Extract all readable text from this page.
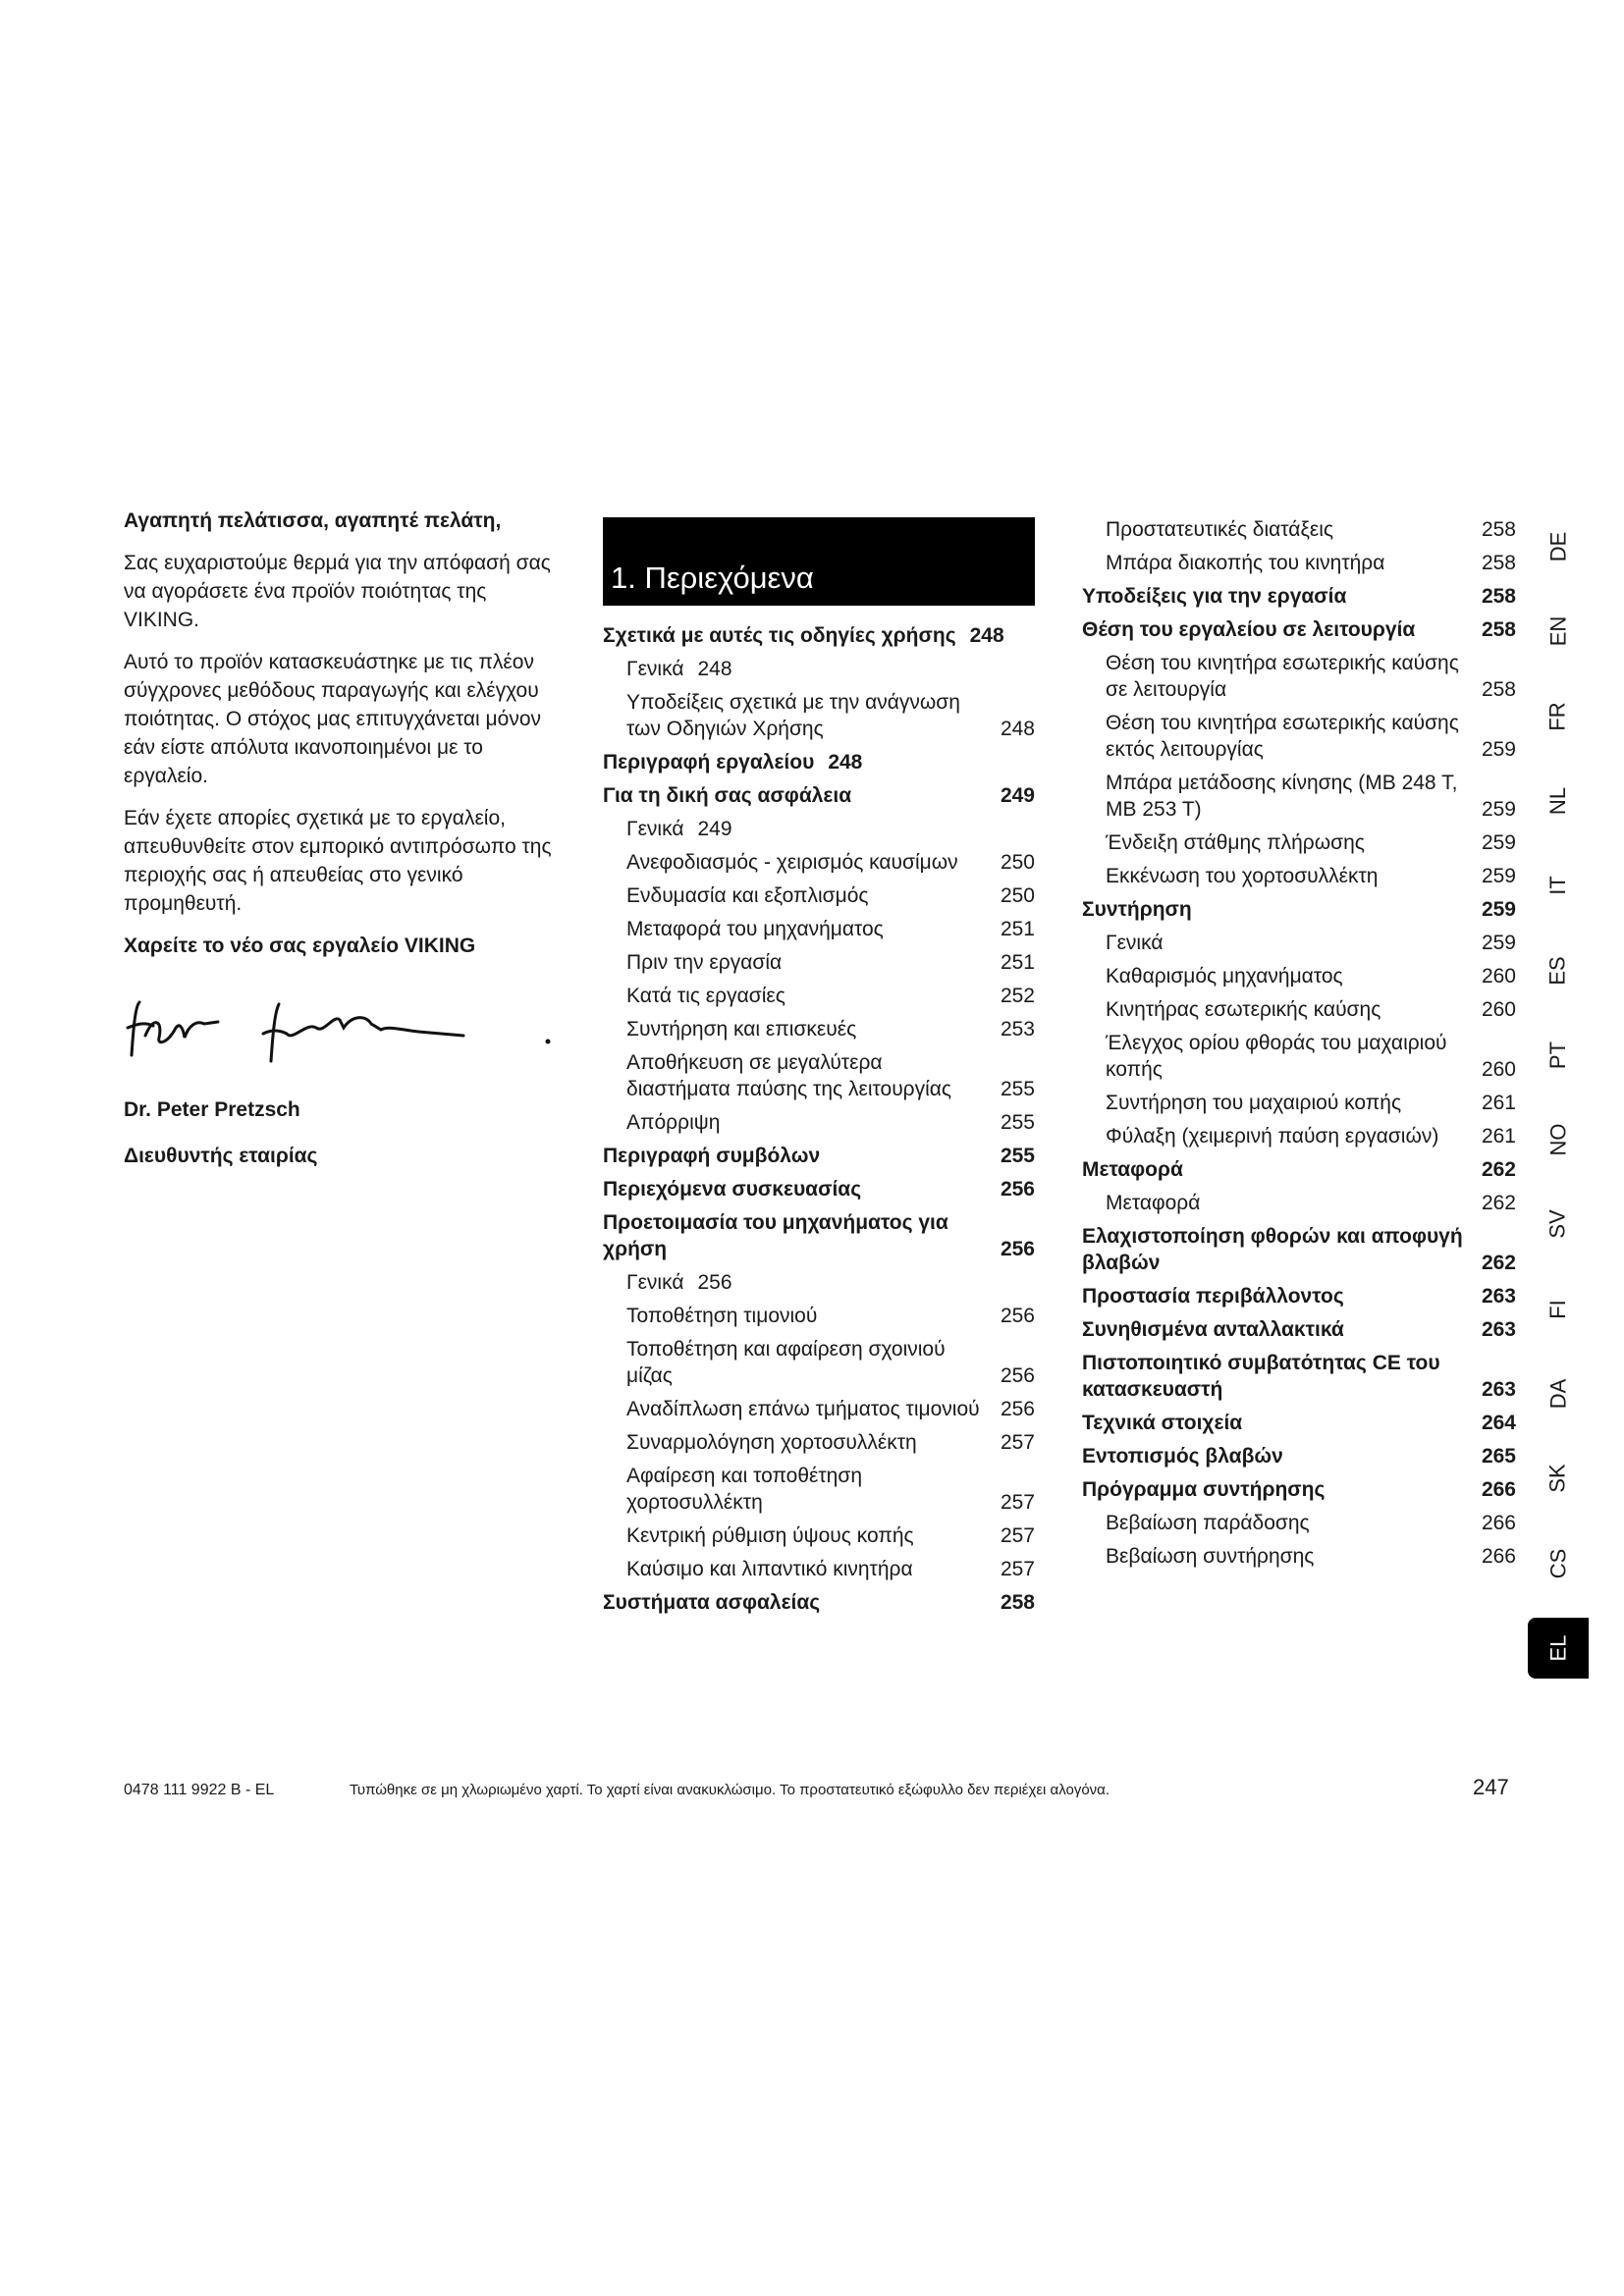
Αγαπητή πελάτισσα, αγαπητέ πελάτη,

Σας ευχαριστούμε θερμά για την απόφασή σας να αγοράσετε ένα προϊόν ποιότητας της VIKING.

Αυτό το προϊόν κατασκευάστηκε με τις πλέον σύγχρονες μεθόδους παραγωγής και ελέγχου ποιότητας. Ο στόχος μας επιτυγχάνεται μόνον εάν είστε απόλυτα ικανοποιημένοι με το εργαλείο.

Εάν έχετε απορίες σχετικά με το εργαλείο, απευθυνθείτε στον εμπορικό αντιπρόσωπο της περιοχής σας ή απευθείας στο γενικό προμηθευτή.

Χαρείτε το νέο σας εργαλείο VIKING

Dr. Peter Pretzsch
Διευθυντής εταιρίας
1. Περιεχόμενα
Σχετικά με αυτές τις οδηγίες χρήσης 248
Γενικά 248
Υποδείξεις σχετικά με την ανάγνωση των Οδηγιών Χρήσης	248
Περιγραφή εργαλείου 248
Για τη δική σας ασφάλεια	249
Γενικά 249
Ανεφοδιασμός - χειρισμός καυσίμων	250
Ενδυμασία και εξοπλισμός	250
Μεταφορά του μηχανήματος	251
Πριν την εργασία	251
Κατά τις εργασίες	252
Συντήρηση και επισκευές	253
Αποθήκευση σε μεγαλύτερα διαστήματα παύσης της λειτουργίας	255
Απόρριψη	255
Περιγραφή συμβόλων	255
Περιεχόμενα συσκευασίας	256
Προετοιμασία του μηχανήματος για χρήση	256
Γενικά 256
Τοποθέτηση τιμονιού	256
Τοποθέτηση και αφαίρεση σχοινιού μίζας	256
Αναδίπλωση επάνω τμήματος τιμονιού 256
Συναρμολόγηση χορτοσυλλέκτη	257
Αφαίρεση και τοποθέτηση χορτοσυλλέκτη	257
Κεντρική ρύθμιση ύψους κοπής	257
Καύσιμο και λιπαντικό κινητήρα	257
Συστήματα ασφαλείας	258
Προστατευτικές διατάξεις	258
Μπάρα διακοπής του κινητήρα	258
Υποδείξεις για την εργασία	258
Θέση του εργαλείου σε λειτουργία	258
Θέση του κινητήρα εσωτερικής καύσης σε λειτουργία	258
Θέση του κινητήρα εσωτερικής καύσης εκτός λειτουργίας	259
Μπάρα μετάδοσης κίνησης (MB 248 T, MB 253 T)	259
Ένδειξη στάθμης πλήρωσης	259
Εκκένωση του χορτοσυλλέκτη	259
Συντήρηση	259
Γενικά	259
Καθαρισμός μηχανήματος	260
Κινητήρας εσωτερικής καύσης	260
Έλεγχος ορίου φθοράς του μαχαιριού κοπής	260
Συντήρηση του μαχαιριού κοπής	261
Φύλαξη (χειμερινή παύση εργασιών)	261
Μεταφορά	262
Μεταφορά	262
Ελαχιστοποίηση φθορών και αποφυγή βλαβών	262
Προστασία περιβάλλοντος	263
Συνηθισμένα ανταλλακτικά	263
Πιστοποιητικό συμβατότητας CE του κατασκευαστή	263
Τεχνικά στοιχεία	264
Εντοπισμός βλαβών	265
Πρόγραμμα συντήρησης	266
Βεβαίωση παράδοσης	266
Βεβαίωση συντήρησης	266
DE
EN
FR
NL
IT
ES
PT
NO
SV
FI
DA
SK
CS
EL
0478 111 9922 B - EL	Τυπώθηκε σε μη χλωριωμένο χαρτί. Το χαρτί είναι ανακυκλώσιμο. Το προστατευτικό εξώφυλλο δεν περιέχει αλογόνα.	247
